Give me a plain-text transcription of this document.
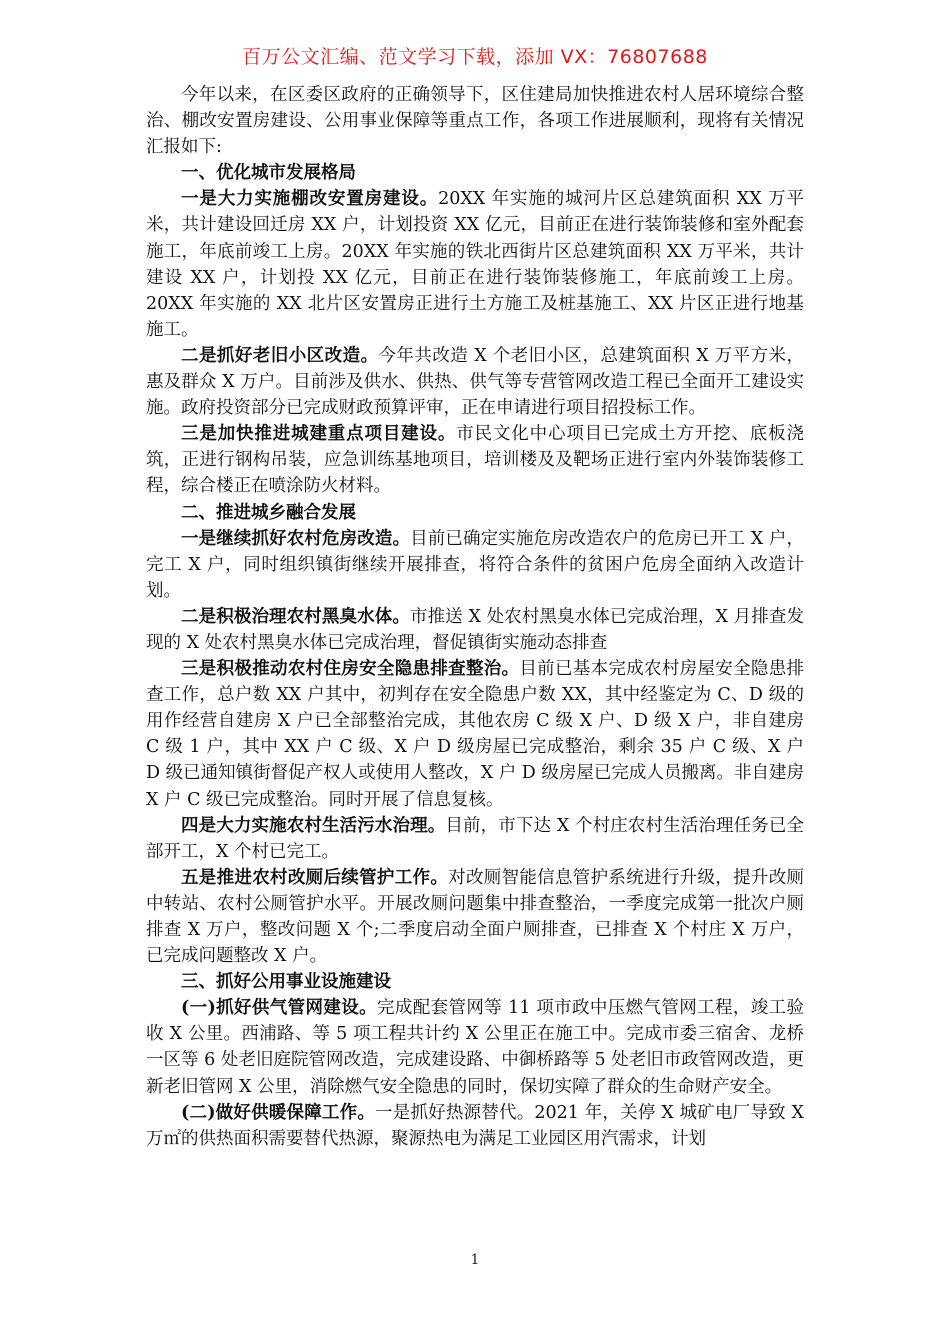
百万公文汇编、范文学习下载，添加 VX：76807688

今年以来，在区委区政府的正确领导下，区住建局加快推进农村人居环境综合整治、棚改安置房建设、公用事业保障等重点工作，各项工作进展顺利，现将有关情况汇报如下:

一、优化城市发展格局

一是大力实施棚改安置房建设。20XX 年实施的城河片区总建筑面积 XX 万平米，共计建设回迁房 XX 户，计划投资 XX 亿元，目前正在进行装饰装修和室外配套施工，年底前竣工上房。20XX 年实施的铁北西街片区总建筑面积 XX 万平米，共计建设 XX 户，计划投 XX 亿元，目前正在进行装饰装修施工，年底前竣工上房。20XX 年实施的 XX 北片区安置房正进行土方施工及桩基施工、XX 片区正进行地基施工。

二是抓好老旧小区改造。今年共改造 X 个老旧小区，总建筑面积 X 万平方米，惠及群众 X 万户。目前涉及供水、供热、供气等专营管网改造工程已全面开工建设实施。政府投资部分已完成财政预算评审，正在申请进行项目招投标工作。

三是加快推进城建重点项目建设。市民文化中心项目已完成土方开挖、底板浇筑，正进行钢构吊装，应急训练基地项目，培训楼及及靶场正进行室内外装饰装修工程，综合楼正在喷涂防火材料。

二、推进城乡融合发展

一是继续抓好农村危房改造。目前已确定实施危房改造农户的危房已开工 X 户，完工 X 户，同时组织镇街继续开展排查，将符合条件的贫困户危房全面纳入改造计划。

二是积极治理农村黑臭水体。市推送 X 处农村黑臭水体已完成治理，X 月排查发现的 X 处农村黑臭水体已完成治理，督促镇街实施动态排查

三是积极推动农村住房安全隐患排查整治。目前已基本完成农村房屋安全隐患排查工作，总户数 XX 户其中，初判存在安全隐患户数 XX，其中经鉴定为 C、D 级的用作经营自建房 X 户已全部整治完成，其他农房 C 级 X 户、D 级 X 户，非自建房 C 级 1 户，其中 XX 户 C 级、X 户 D 级房屋已完成整治，剩余 35 户 C 级、X 户 D 级已通知镇街督促产权人或使用人整改，X 户 D 级房屋已完成人员搬离。非自建房 X 户 C 级已完成整治。同时开展了信息复核。

四是大力实施农村生活污水治理。目前，市下达 X 个村庄农村生活治理任务已全部开工，X 个村已完工。

五是推进农村改厕后续管护工作。对改厕智能信息管护系统进行升级，提升改厕中转站、农村公厕管护水平。开展改厕问题集中排查整治，一季度完成第一批次户厕排查 X 万户，整改问题 X 个;二季度启动全面户厕排查，已排查 X 个村庄 X 万户，已完成问题整改 X 户。

三、抓好公用事业设施建设

(一)抓好供气管网建设。完成配套管网等 11 项市政中压燃气管网工程，竣工验收 X 公里。西浦路、等 5 项工程共计约 X 公里正在施工中。完成市委三宿舍、龙桥一区等 6 处老旧庭院管网改造，完成建设路、中御桥路等 5 处老旧市政管网改造，更新老旧管网 X 公里，消除燃气安全隐患的同时，保切实障了群众的生命财产安全。

(二)做好供暖保障工作。一是抓好热源替代。2021 年，关停 X 城矿电厂导致 X 万㎡的供热面积需要替代热源，聚源热电为满足工业园区用汽需求，计划

1
